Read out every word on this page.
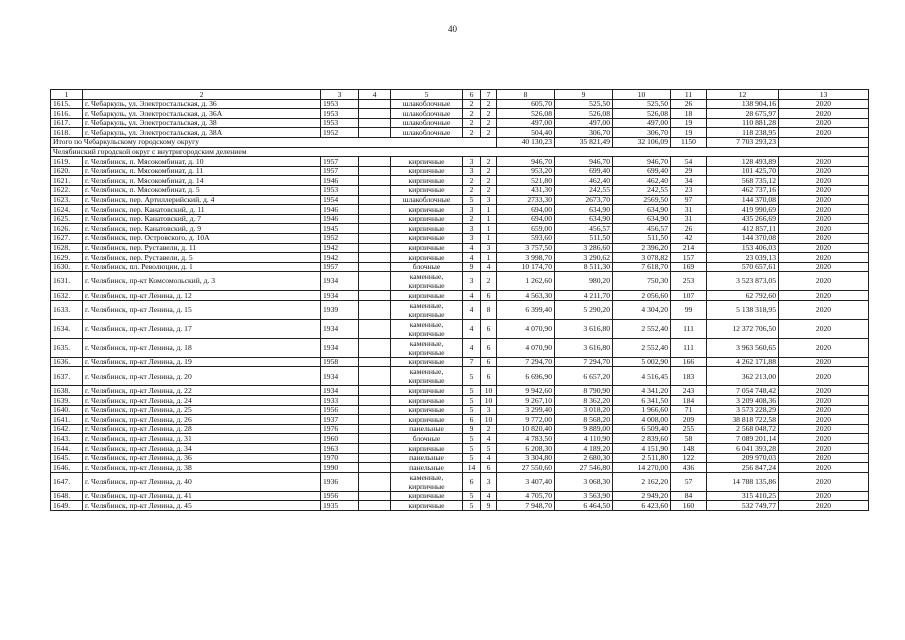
40
1	2	3	4	5	6	7	8	9	10	11	12	13
1615.	г. Чебаркуль, ул. Электростальская, д. 36	1953		шлакоблочные	2	2	605,70	525,50	525,50	26	138 904,16	2020
1616.	г. Чебаркуль, ул. Электростальская, д. 36А	1953		шлакоблочные	2	2	526,08	526,08	526,08	18	28 675,97	2020
1617.	г. Чебаркуль, ул. Электростальская, д. 38	1953		шлакоблочные	2	2	497,00	497,00	497,00	19	110 881,28	2020
1618.	г. Чебаркуль, ул. Электростальская, д. 38А	1952		шлакоблочные	2	2	504,40	306,70	306,70	19	118 238,95	2020
Итого по Чебаркульскому городскому округу							40 130,23	35 821,49	32 106,09	1150	7 703 293,23	
Челябинский городской округ с внутригородским делением												
1619.	г. Челябинск, п. Мясокомбинат, д. 10	1957		кирпичные	3	2	946,70	946,70	946,70	54	128 493,89	2020
1620.	г. Челябинск, п. Мясокомбинат, д. 11	1957		кирпичные	3	2	953,20	699,40	699,40	29	101 425,70	2020
1621.	г. Челябинск, п. Мясокомбинат, д. 14	1946		кирпичные	2	2	521,80	462,40	462,40	34	568 735,12	2020
1622.	г. Челябинск, п. Мясокомбинат, д. 5	1953		кирпичные	2	2	431,30	242,55	242,55	23	462 737,16	2020
1623.	г. Челябинск, пер. Артиллерийский, д. 4	1954		шлакоблочные	5	3	2733,30	2673,70	2569,50	97	144 370,08	2020
1624.	г. Челябинск, пер. Канатовский, д. 11	1946		кирпичные	3	1	694,00	634,90	634,90	31	419 990,69	2020
1625.	г. Челябинск, пер. Канатовский, д. 7	1946		кирпичные	2	1	694,00	634,90	634,90	31	435 266,69	2020
1626.	г. Челябинск, пер. Канатовский, д. 9	1945		кирпичные	3	1	659,00	456,57	456,57	26	412 857,11	2020
1627.	г. Челябинск, пер. Островского, д. 10А	1952		кирпичные	3	1	593,60	511,50	511,50	42	144 370,08	2020
1628.	г. Челябинск, пер. Руставели, д. 11	1942		кирпичные	4	3	3 757,50	3 286,60	2 396,20	214	153 406,03	2020
1629.	г. Челябинск, пер. Руставели, д. 5	1942		кирпичные	4	1	3 998,70	3 290,62	3 078,82	157	23 039,13	2020
1630.	г. Челябинск, пл. Революции, д. 1	1957		блочные	9	4	10 174,70	8 511,30	7 618,70	169	570 657,61	2020
1631.	г. Челябинск, пр-кт Комсомольский, д. 3	1934		каменные, кирпичные	3	2	1 262,60	980,20	750,30	253	3 523 873,05	2020
1632.	г. Челябинск, пр-кт Ленина, д. 12	1934		кирпичные	4	6	4 563,30	4 211,70	2 056,60	107	62 792,60	2020
1633.	г. Челябинск, пр-кт Ленина, д. 15	1939		каменные, кирпичные	4	8	6 399,40	5 290,20	4 304,20	99	5 138 318,95	2020
1634.	г. Челябинск, пр-кт Ленина, д. 17	1934		каменные, кирпичные	4	6	4 070,90	3 616,80	2 552,40	111	12 372 706,50	2020
1635.	г. Челябинск, пр-кт Ленина, д. 18	1934		каменные, кирпичные	4	6	4 070,90	3 616,80	2 552,40	111	3 963 560,65	2020
1636.	г. Челябинск, пр-кт Ленина, д. 19	1958		кирпичные	7	6	7 294,70	7 294,70	5 002,90	166	4 262 171,88	2020
1637.	г. Челябинск, пр-кт Ленина, д. 20	1934		каменные, кирпичные	5	6	6 696,90	6 657,20	4 516,45	183	362 213,00	2020
1638.	г. Челябинск, пр-кт Ленина, д. 22	1934		кирпичные	5	10	9 942,60	8 790,90	4 341,20	243	7 054 748,42	2020
1639.	г. Челябинск, пр-кт Ленина, д. 24	1933		кирпичные	5	10	9 267,10	8 362,20	6 341,50	184	3 209 408,36	2020
1640.	г. Челябинск, пр-кт Ленина, д. 25	1956		кирпичные	5	3	3 299,40	3 018,20	1 966,60	71	3 573 228,29	2020
1641.	г. Челябинск, пр-кт Ленина, д. 26	1937		кирпичные	6	10	9 772,00	8 568,20	4 008,00	209	38 818 722,58	2020
1642.	г. Челябинск, пр-кт Ленина, д. 28	1976		панельные	9	2	10 820,40	9 889,00	6 509,40	255	2 568 048,72	2020
1643.	г. Челябинск, пр-кт Ленина, д. 31	1960		блочные	5	4	4 783,50	4 110,90	2 839,60	58	7 089 201,14	2020
1644.	г. Челябинск, пр-кт Ленина, д. 34	1963		кирпичные	5	5	6 208,30	4 189,20	4 151,90	148	6 041 393,28	2020
1645.	г. Челябинск, пр-кт Ленина, д. 36	1970		панельные	5	4	3 304,80	2 680,30	2 511,80	122	209 970,03	2020
1646.	г. Челябинск, пр-кт Ленина, д. 38	1990		панельные	14	6	27 550,60	27 546,80	14 270,00	436	256 847,24	2020
1647.	г. Челябинск, пр-кт Ленина, д. 40	1936		каменные, кирпичные	6	3	3 407,40	3 068,30	2 162,20	57	14 788 135,86	2020
1648.	г. Челябинск, пр-кт Ленина, д. 41	1956		кирпичные	5	4	4 705,70	3 563,90	2 949,20	84	315 410,25	2020
1649.	г. Челябинск, пр-кт Ленина, д. 45	1935		кирпичные	5	9	7 948,70	6 464,50	6 423,60	160	532 749,77	2020
